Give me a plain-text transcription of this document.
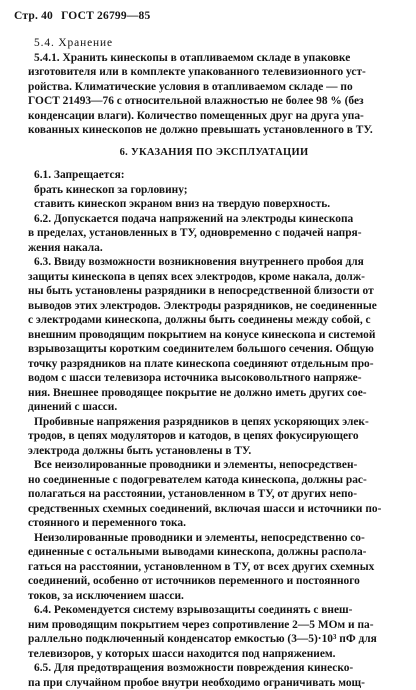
Стр. 40 ГОСТ 26799—85
5.4. Хранение
5.4.1. Хранить кинескопы в отапливаемом складе в упаковке
изготовителя или в комплекте упакованного телевизионного уст-
ройства. Климатические условия в отапливаемом складе — по
ГОСТ 21493—76 с относительной влажностью не более 98 % (без
конденсации влаги). Количество помещенных друг на друга упа-
кованных кинескопов не должно превышать установленного в ТУ.
6. УКАЗАНИЯ ПО ЭКСПЛУАТАЦИИ
6.1. Запрещается:
брать кинескоп за горловину;
ставить кинескоп экраном вниз на твердую поверхность.
6.2. Допускается подача напряжений на электроды кинескопа
в пределах, установленных в ТУ, одновременно с подачей напря-
жения накала.
6.3. Ввиду возможности возникновения внутреннего пробоя для
защиты кинескопа в цепях всех электродов, кроме накала, долж-
ны быть установлены разрядники в непосредственной близости от
выводов этих электродов. Электроды разрядников, не соединенные
с электродами кинескопа, должны быть соединены между собой, с
внешним проводящим покрытием на конусе кинескопа и системой
взрывозащиты коротким соединителем большого сечения. Общую
точку разрядников на плате кинескопа соединяют отдельным про-
водом с шасси телевизора источника высоковольтного напряже-
ния. Внешнее проводящее покрытие не должно иметь других сое-
динений с шасси.
Пробивные напряжения разрядников в цепях ускоряющих элек-
тродов, в цепях модуляторов и катодов, в цепях фокусирующего
электрода должны быть установлены в ТУ.
Все неизолированные проводники и элементы, непосредствен-
но соединенные с подогревателем катода кинескопа, должны рас-
полагаться на расстоянии, установленном в ТУ, от других непо-
средственных схемных соединений, включая шасси и источники по-
стоянного и переменного тока.
Неизолированные проводники и элементы, непосредственно со-
единенные с остальными выводами кинескопа, должны распола-
гаться на расстоянии, установленном в ТУ, от всех других схемных
соединений, особенно от источников переменного и постоянного
токов, за исключением шасси.
6.4. Рекомендуется систему взрывозащиты соединять с внеш-
ним проводящим покрытием через сопротивление 2—5 МОм и па-
раллельно подключенный конденсатор емкостью (3—5)·10³ пФ для
телевизоров, у которых шасси находится под напряжением.
6.5. Для предотвращения возможности повреждения кинеско-
па при случайном пробое внутри необходимо ограничивать мощ-
